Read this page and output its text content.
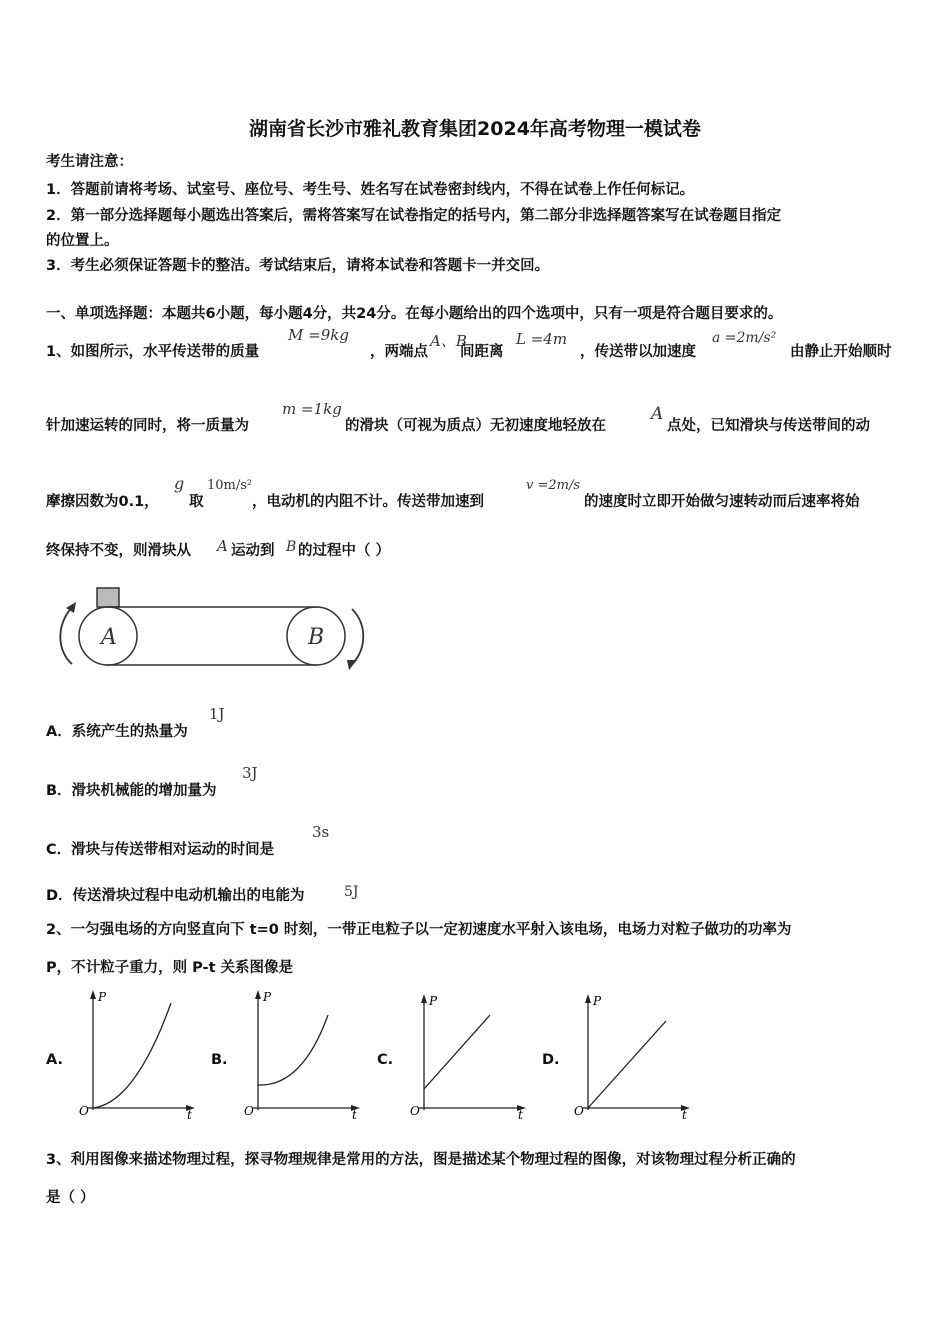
湖南省长沙市雅礼教育集团2024年高考物理一模试卷
考生请注意：
1．答题前请将考场、试室号、座位号、考生号、姓名写在试卷密封线内，不得在试卷上作任何标记。
2．第一部分选择题每小题选出答案后，需将答案写在试卷指定的括号内，第二部分非选择题答案写在试卷题目指定
的位置上。
3．考生必须保证答题卡的整洁。考试结束后，请将本试卷和答题卡一并交回。
一、单项选择题：本题共6小题，每小题4分，共24分。在每小题给出的四个选项中，只有一项是符合题目要求的。
1、如图所示，水平传送带的质量
M =9kg
，两端点
A、B
间距离
L =4m
，传送带以加速度
a =2m/s²
由静止开始顺时
针加速运转的同时，将一质量为
m =1kg
的滑块（可视为质点）无初速度地轻放在
A
点处，已知滑块与传送带间的动
摩擦因数为0.1，
g
取
10m/s²
，电动机的内阻不计。传送带加速到
v =2m/s
的速度时立即开始做匀速转动而后速率将始
终保持不变，则滑块从 A 运动到 B 的过程中（ ）
A	B
A．系统产生的热量为
1J
B．滑块机械能的增加量为
3J
C．滑块与传送带相对运动的时间是
3s
D．传送滑块过程中电动机输出的电能为	5J
2、一匀强电场的方向竖直向下 t=0 时刻，一带正电粒子以一定初速度水平射入该电场，电场力对粒子做功的功率为
P，不计粒子重力，则 P-t 关系图像是
A.	B.	C.	D.
P
t
O
P
t
O
P
t
O
P
t
O
3、利用图像来描述物理过程，探寻物理规律是常用的方法，图是描述某个物理过程的图像，对该物理过程分析正确的
是（ ）
